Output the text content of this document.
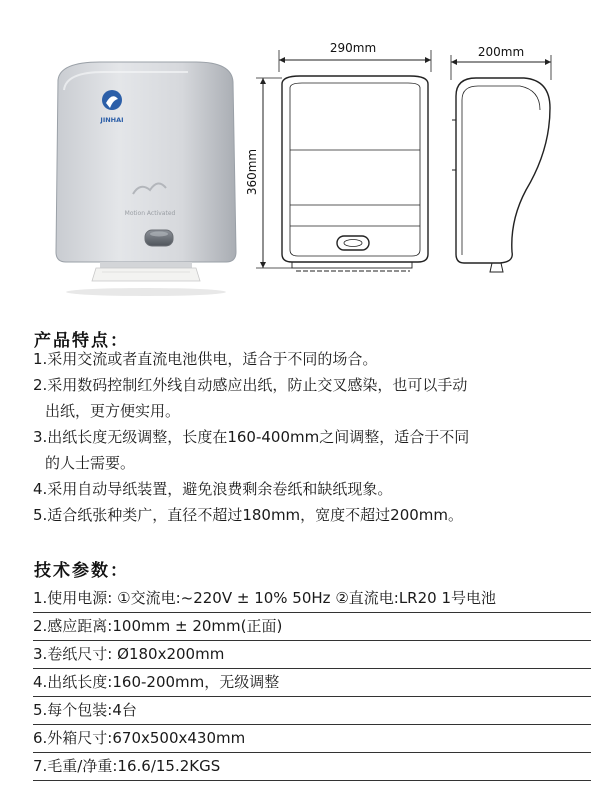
JINHAI
Motion Activated
290mm	200mm
360mm
产品特点：
1.采用交流或者直流电池供电，适合于不同的场合。
2.采用数码控制红外线自动感应出纸，防止交叉感染，也可以手动
出纸，更方便实用。
3.出纸长度无级调整，长度在160-400mm之间调整，适合于不同
的人士需要。
4.采用自动导纸装置，避免浪费剩余卷纸和缺纸现象。
5.适合纸张种类广，直径不超过180mm，宽度不超过200mm。
技术参数：
1.使用电源: ①交流电:~220V ± 10% 50Hz ②直流电:LR20 1号电池
2.感应距离:100mm ± 20mm(正面)
3.卷纸尺寸: Ø180x200mm
4.出纸长度:160-200mm，无级调整
5.每个包装:4台
6.外箱尺寸:670x500x430mm
7.毛重/净重:16.6/15.2KGS
